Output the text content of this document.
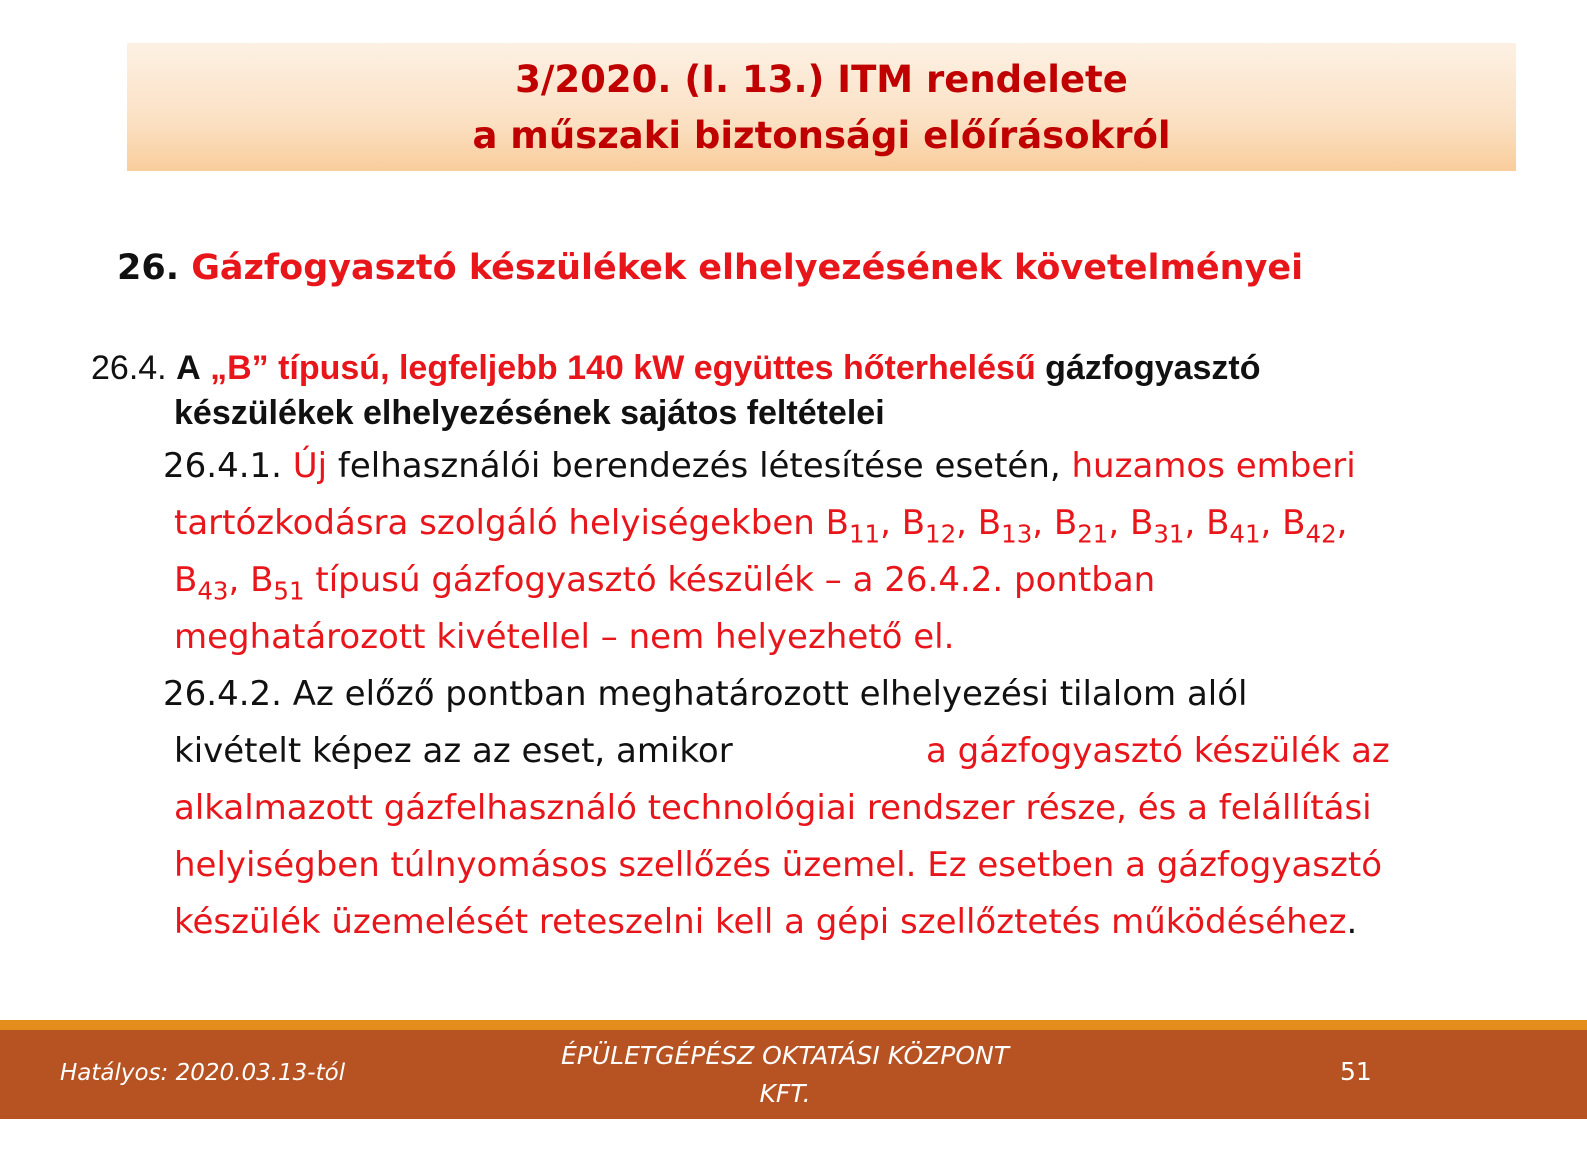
3/2020. (I. 13.) ITM rendelete
a műszaki biztonsági előírásokról
26. Gázfogyasztó készülékek elhelyezésének követelményei
26.4. A „B” típusú, legfeljebb 140 kW együttes hőterhelésű gázfogyasztó
készülékek elhelyezésének sajátos feltételei
26.4.1. Új felhasználói berendezés létesítése esetén, huzamos emberi
tartózkodásra szolgáló helyiségekben $B_{11}$, $B_{12}$, $B_{13}$, $B_{21}$, $B_{31}$, $B_{41}$, $B_{42}$,
$B_{43}$, $B_{51}$ típusú gázfogyasztó készülék – a 26.4.2. pontban
meghatározott kivétellel – nem helyezhető el.
26.4.2. Az előző pontban meghatározott elhelyezési tilalom alól
kivételt képez az az eset, amikor	a gázfogyasztó készülék az
alkalmazott gázfelhasználó technológiai rendszer része, és a felállítási
helyiségben túlnyomásos szellőzés üzemel. Ez esetben a gázfogyasztó
készülék üzemelését reteszelni kell a gépi szellőztetés működéséhez.
Hatályos: 2020.03.13-tól
ÉPÜLETGÉPÉSZ OKTATÁSI KÖZPONT KFT.
WWW.OKTATASI-KOZPONT.HU
51
